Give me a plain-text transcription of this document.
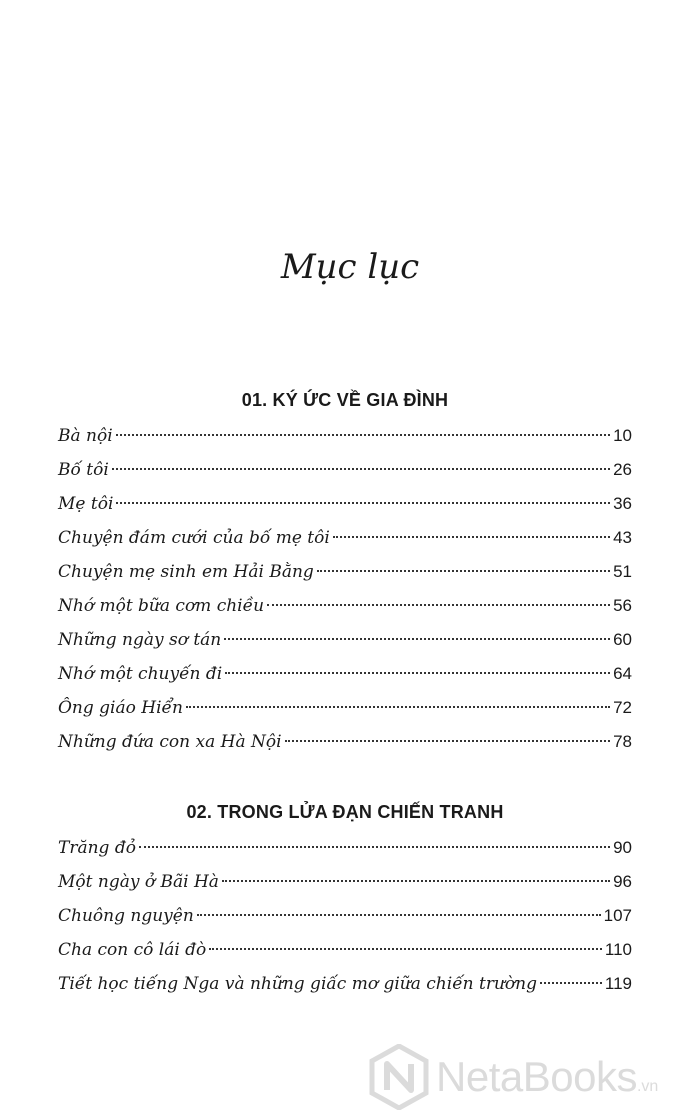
Mục lục
01. KÝ ỨC VỀ GIA ĐÌNH
Bà nội	10
Bố tôi	26
Mẹ tôi	36
Chuyện đám cưới của bố mẹ tôi	43
Chuyện mẹ sinh em Hải Bằng	51
Nhớ một bữa cơm chiều	56
Những ngày sơ tán	60
Nhớ một chuyến đi	64
Ông giáo Hiển	72
Những đứa con xa Hà Nội	78
02. TRONG LỬA ĐẠN CHIẾN TRANH
Trăng đỏ	90
Một ngày ở Bãi Hà	96
Chuông nguyện	107
Cha con cô lái đò	110
Tiết học tiếng Nga và những giấc mơ giữa chiến trường	119
NetaBooks .vn
